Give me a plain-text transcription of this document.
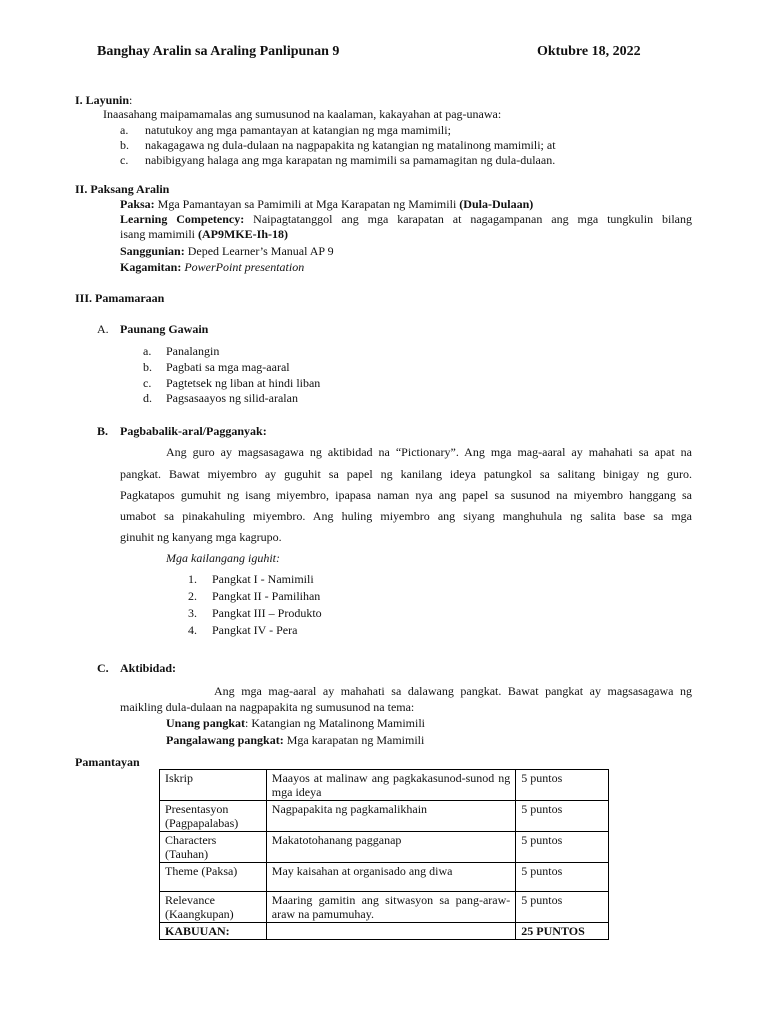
Banghay Aralin sa Araling Panlipunan 9	Oktubre 18, 2022
I. Layunin:
Inaasahang maipamamalas ang sumusunod na kaalaman, kakayahan at pag-unawa:
a. natutukoy ang mga pamantayan at katangian ng mga mamimili;
b. nakagagawa ng dula-dulaan na nagpapakita ng katangian ng matalinong mamimili; at
c. nabibigyang halaga ang mga karapatan ng mamimili sa pamamagitan ng dula-dulaan.
II. Paksang Aralin
Paksa: Mga Pamantayan sa Pamimili at Mga Karapatan ng Mamimili (Dula-Dulaan)
Learning Competency: Naipagtatanggol ang mga karapatan at nagagampanan ang mga tungkulin bilang
isang mamimili (AP9MKE-Ih-18)
Sanggunian: Deped Learner’s Manual AP 9
Kagamitan: PowerPoint presentation
III. Pamamaraan
A. Paunang Gawain
a. Panalangin
b. Pagbati sa mga mag-aaral
c. Pagtetsek ng liban at hindi liban
d. Pagsasaayos ng silid-aralan
B. Pagbabalik-aral/Pagganyak:
Ang guro ay magsasagawa ng aktibidad na “Pictionary”. Ang mga mag-aaral ay mahahati sa apat na
pangkat. Bawat miyembro ay guguhit sa papel ng kanilang ideya patungkol sa salitang binigay ng guro.
Pagkatapos gumuhit ng isang miyembro, ipapasa naman nya ang papel sa susunod na miyembro hanggang sa
umabot sa pinakahuling miyembro. Ang huling miyembro ang siyang manghuhula ng salita base sa mga
ginuhit ng kanyang mga kagrupo.
Mga kailangang iguhit:
1. Pangkat I - Namimili
2. Pangkat II - Pamilihan
3. Pangkat III – Produkto
4. Pangkat IV - Pera
C. Aktibidad:
Ang mga mag-aaral ay mahahati sa dalawang pangkat. Bawat pangkat ay magsasagawa ng
maikling dula-dulaan na nagpapakita ng sumusunod na tema:
Unang pangkat: Katangian ng Matalinong Mamimili
Pangalawang pangkat: Mga karapatan ng Mamimili
Pamantayan
Iskrip	Maayos at malinaw ang pagkakasunod-sunod ng mga ideya	5 puntos
Presentasyon (Pagpapalabas)	Nagpapakita ng pagkamalikhain	5 puntos
Characters (Tauhan)	Makatotohanang pagganap	5 puntos
Theme (Paksa)	May kaisahan at organisado ang diwa	5 puntos
Relevance (Kaangkupan)	Maaring gamitin ang sitwasyon sa pang-araw-araw na pamumuhay.	5 puntos
KABUUAN:		25 PUNTOS
